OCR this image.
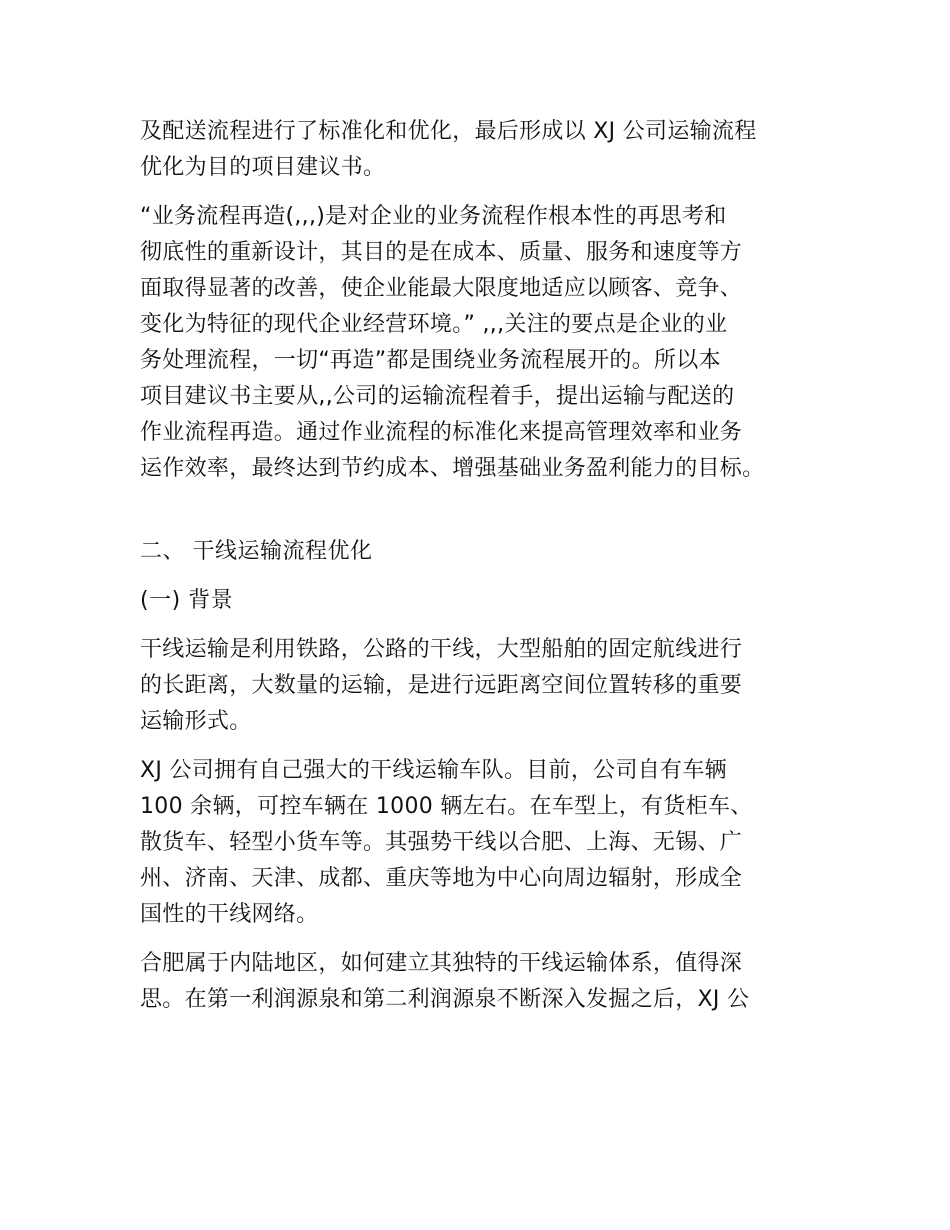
及配送流程进行了标准化和优化，最后形成以 XJ 公司运输流程
优化为目的项目建议书。
“业务流程再造(,,,)是对企业的业务流程作根本性的再思考和
彻底性的重新设计，其目的是在成本、质量、服务和速度等方
面取得显著的改善，使企业能最大限度地适应以顾客、竞争、
变化为特征的现代企业经营环境。” ,,,关注的要点是企业的业
务处理流程，一切“再造”都是围绕业务流程展开的。所以本
项目建议书主要从,,公司的运输流程着手，提出运输与配送的
作业流程再造。通过作业流程的标准化来提高管理效率和业务
运作效率，最终达到节约成本、增强基础业务盈利能力的目标。
二、 干线运输流程优化
(一) 背景
干线运输是利用铁路，公路的干线，大型船舶的固定航线进行
的长距离，大数量的运输，是进行远距离空间位置转移的重要
运输形式。
XJ 公司拥有自己强大的干线运输车队。目前，公司自有车辆
100 余辆，可控车辆在 1000 辆左右。在车型上，有货柜车、
散货车、轻型小货车等。其强势干线以合肥、上海、无锡、广
州、济南、天津、成都、重庆等地为中心向周边辐射，形成全
国性的干线网络。
合肥属于内陆地区，如何建立其独特的干线运输体系，值得深
思。在第一利润源泉和第二利润源泉不断深入发掘之后，XJ 公
